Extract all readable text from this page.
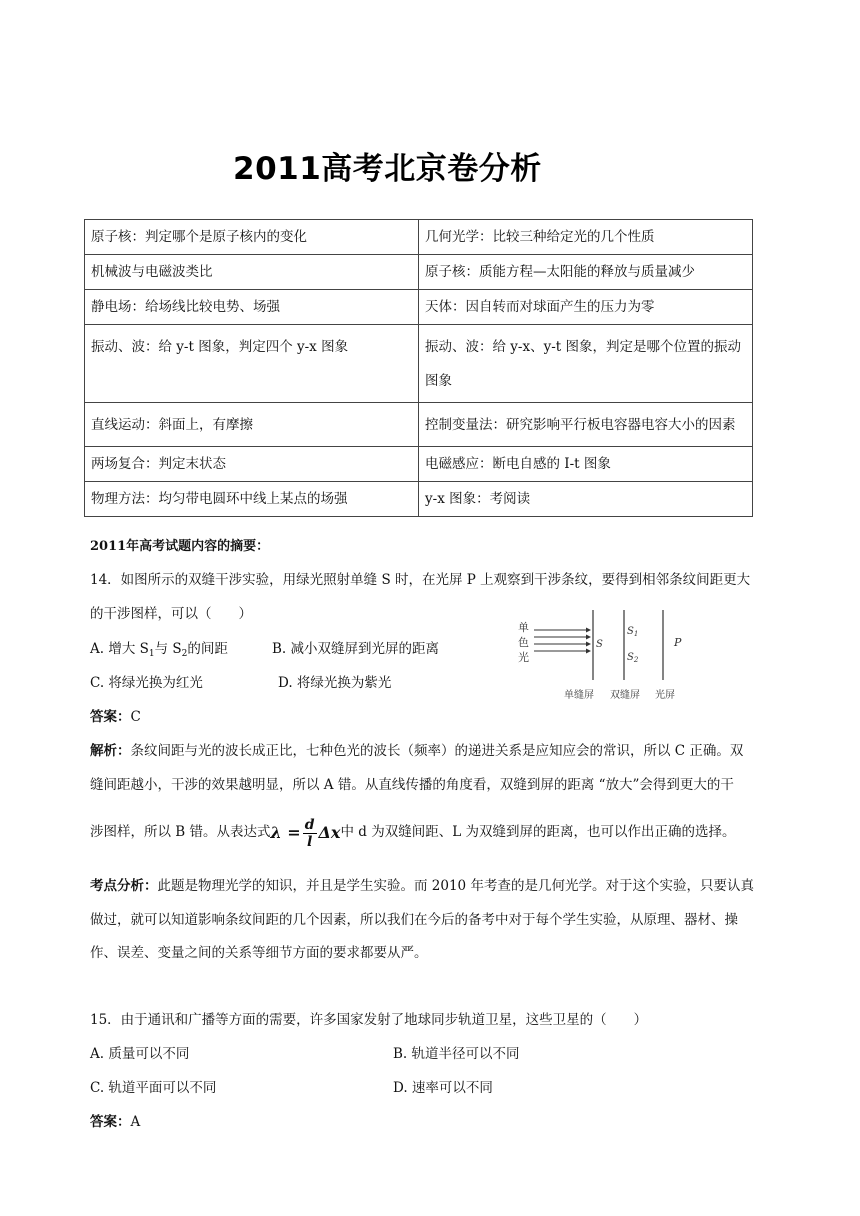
2011高考北京卷分析
原子核：判定哪个是原子核内的变化	几何光学：比较三种给定光的几个性质
机械波与电磁波类比	原子核：质能方程—太阳能的释放与质量减少
静电场：给场线比较电势、场强	天体：因自转而对球面产生的压力为零
振动、波：给 y-t 图象，判定四个 y-x 图象	振动、波：给 y-x、y-t 图象，判定是哪个位置的振动图象
直线运动：斜面上，有摩擦	控制变量法：研究影响平行板电容器电容大小的因素
两场复合：判定末状态	电磁感应：断电自感的 I-t 图象
物理方法：均匀带电圆环中线上某点的场强	y-x 图象：考阅读
2011年高考试题内容的摘要：
14．如图所示的双缝干涉实验，用绿光照射单缝 S 时，在光屏 P 上观察到干涉条纹，要得到相邻条纹间距更大
的干涉图样，可以（　　）
A. 增大 $S_1$与 $S_2$的间距	B. 减小双缝屏到光屏的距离
C. 将绿光换为红光	D. 将绿光换为紫光
单
色
光
S
$S_1$
$S_2$
P
单缝屏 双缝屏 光屏
答案：C
解析：条纹间距与光的波长成正比，七种色光的波长（频率）的递进关系是应知应会的常识，所以 C 正确。双
缝间距越小，干涉的效果越明显，所以 A 错。从直线传播的角度看，双缝到屏的距离 “放大”会得到更大的干
涉图样，所以 B 错。从表达式$\lambda = \frac{d}{l}$ Δx中 d 为双缝间距、L 为双缝到屏的距离，也可以作出正确的选择。
考点分析：此题是物理光学的知识，并且是学生实验。而 2010 年考查的是几何光学。对于这个实验，只要认真
做过，就可以知道影响条纹间距的几个因素，所以我们在今后的备考中对于每个学生实验，从原理、器材、操
作、误差、变量之间的关系等细节方面的要求都要从严。
15．由于通讯和广播等方面的需要，许多国家发射了地球同步轨道卫星，这些卫星的（　　）
A. 质量可以不同	B. 轨道半径可以不同
C. 轨道平面可以不同	D. 速率可以不同
答案：A
